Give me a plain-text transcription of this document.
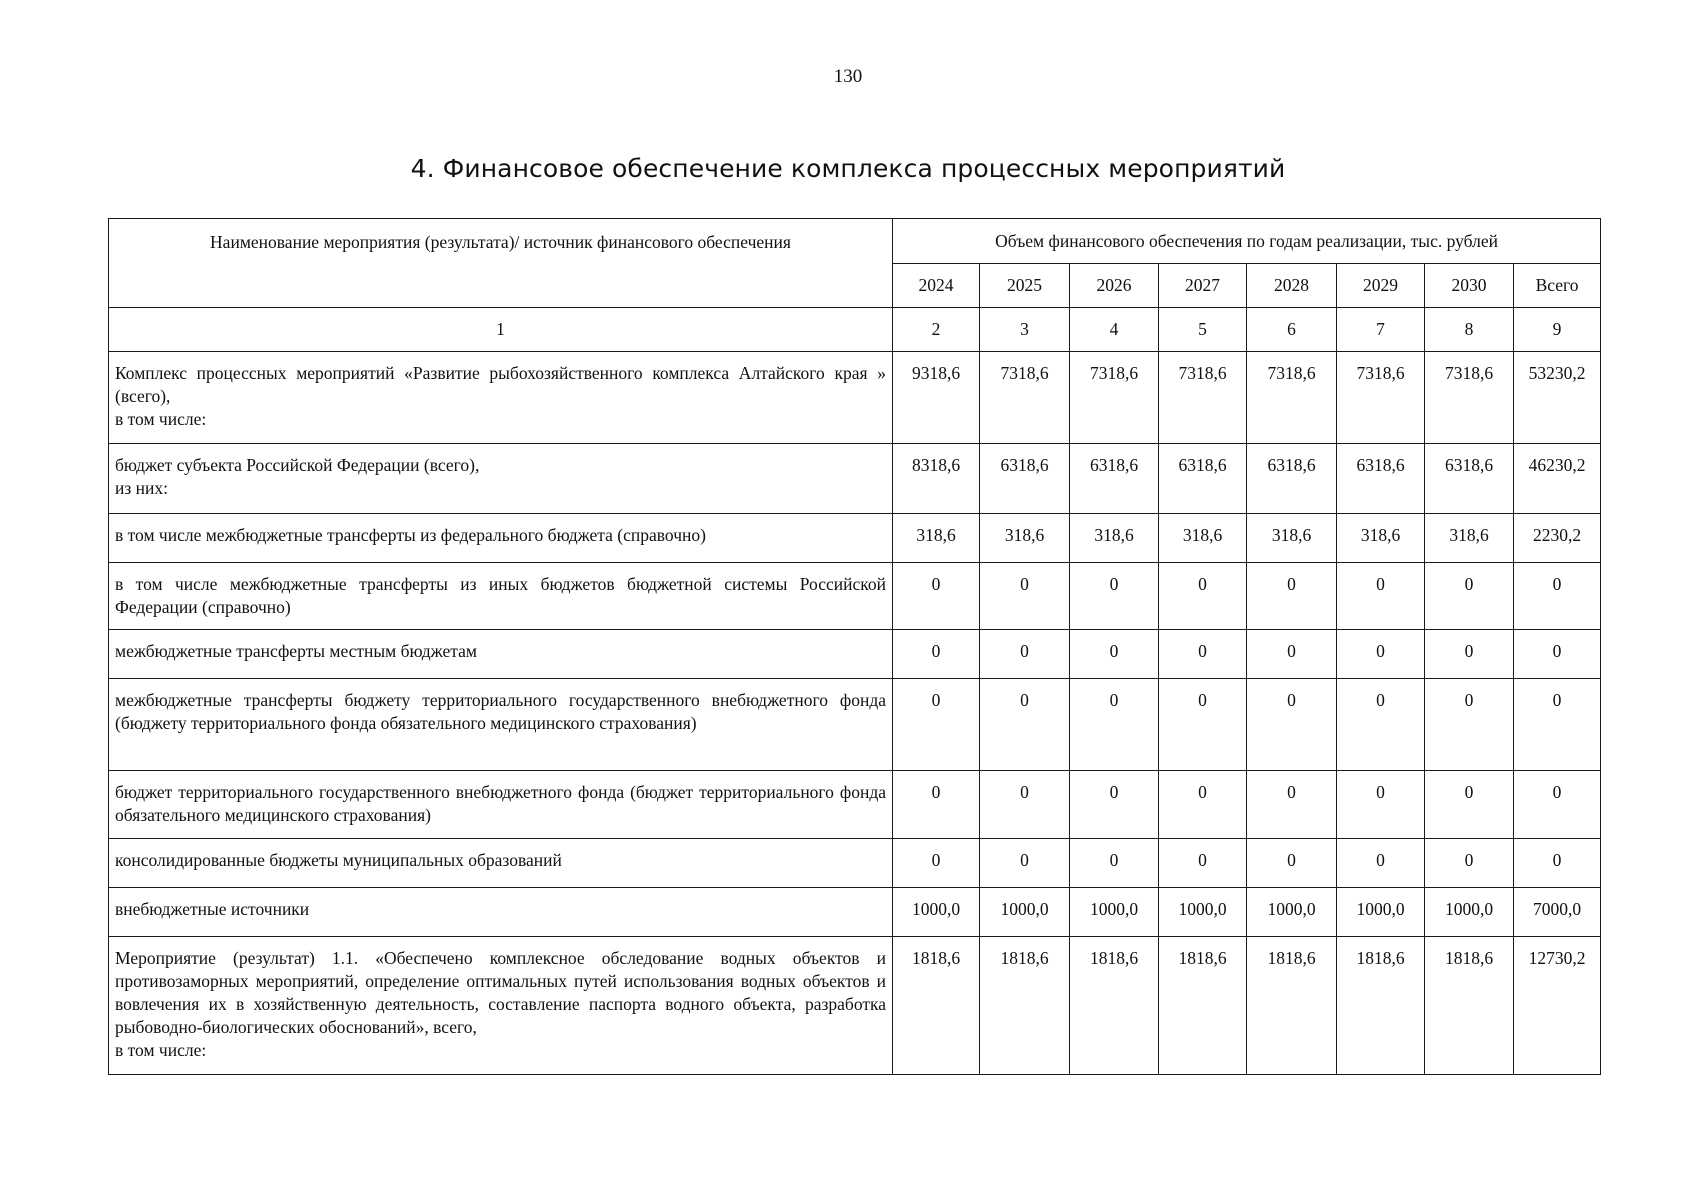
130
4. Финансовое обеспечение комплекса процессных мероприятий
Наименование мероприятия (результата)/ источник финансового обеспечения	Объем финансового обеспечения по годам реализации, тыс. рублей							
	2024	2025	2026	2027	2028	2029	2030	Всего
1	2	3	4	5	6	7	8	9

Комплекс процессных мероприятий «Развитие рыбохозяйственного комплекса Алтайского края » (всего),
в том числе:	9318,6	7318,6	7318,6	7318,6	7318,6	7318,6	7318,6	53230,2

бюджет субъекта Российской Федерации (всего),
из них:	8318,6	6318,6	6318,6	6318,6	6318,6	6318,6	6318,6	46230,2

в том числе межбюджетные трансферты из федерального бюджета (справочно)	318,6	318,6	318,6	318,6	318,6	318,6	318,6	2230,2

в том числе межбюджетные трансферты из иных бюджетов бюджетной системы Российской Федерации (справочно)	0	0	0	0	0	0	0	0

межбюджетные трансферты местным бюджетам	0	0	0	0	0	0	0	0

межбюджетные трансферты бюджету территориального государственного внебюджетного фонда (бюджету территориального фонда обязательного медицинского страхования)	0	0	0	0	0	0	0	0

бюджет территориального государственного внебюджетного фонда (бюджет территориального фонда обязательного медицинского страхования)	0	0	0	0	0	0	0	0

консолидированные бюджеты муниципальных образований	0	0	0	0	0	0	0	0

внебюджетные источники	1000,0	1000,0	1000,0	1000,0	1000,0	1000,0	1000,0	7000,0

Мероприятие (результат) 1.1. «Обеспечено комплексное обследование водных объектов и противозаморных мероприятий, определение оптимальных путей использования водных объектов и вовлечения их в хозяйственную деятельность, составление паспорта водного объекта, разработка рыбоводно-биологических обоснований», всего,
в том числе:	1818,6	1818,6	1818,6	1818,6	1818,6	1818,6	1818,6	12730,2
